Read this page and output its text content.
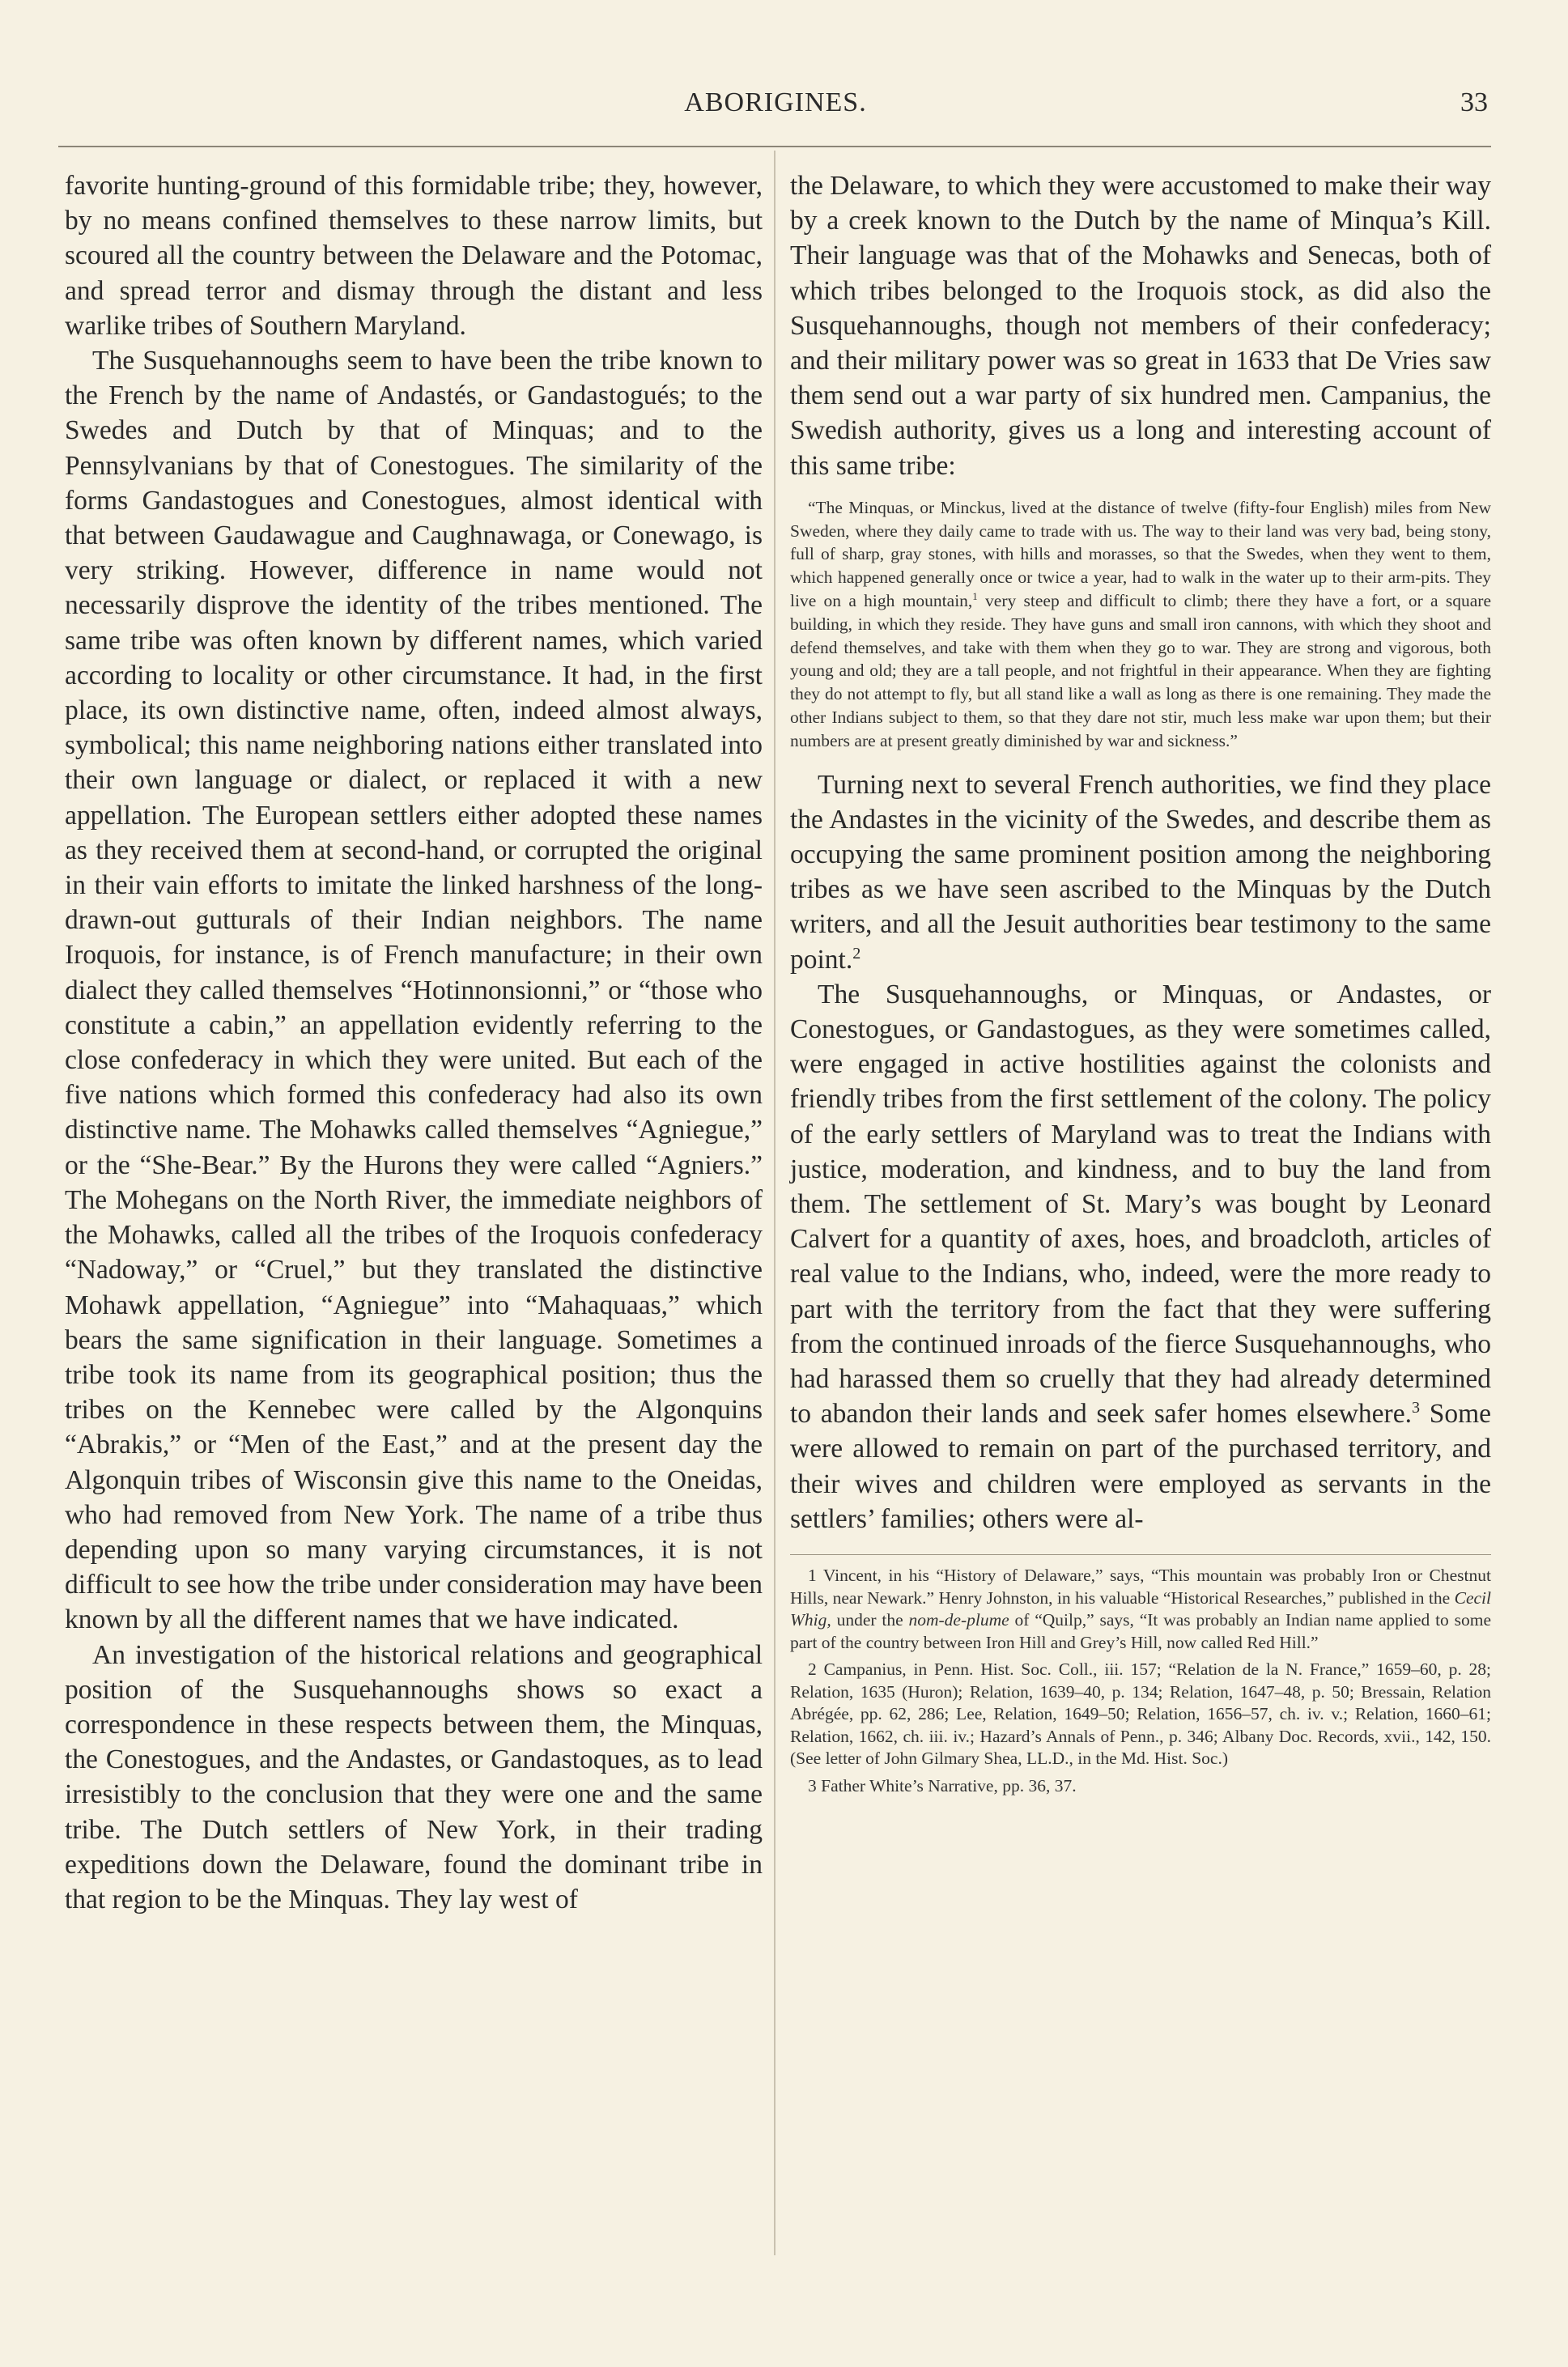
ABORIGINES.	33

favorite hunting-ground of this formidable tribe; they, however, by no means confined themselves to these narrow limits, but scoured all the country between the Delaware and the Potomac, and spread terror and dismay through the distant and less warlike tribes of Southern Maryland.

The Susquehannoughs seem to have been the tribe known to the French by the name of Andastés, or Gandastogués; to the Swedes and Dutch by that of Minquas; and to the Pennsylvanians by that of Conestogues. The similarity of the forms Gandastogues and Conestogues, almost identical with that between Gaudawague and Caughnawaga, or Conewago, is very striking. However, difference in name would not necessarily disprove the identity of the tribes mentioned. The same tribe was often known by different names, which varied according to locality or other circumstance. It had, in the first place, its own distinctive name, often, indeed almost always, symbolical; this name neighboring nations either translated into their own language or dialect, or replaced it with a new appellation. The European settlers either adopted these names as they received them at second-hand, or corrupted the original in their vain efforts to imitate the linked harshness of the long-drawn-out gutturals of their Indian neighbors. The name Iroquois, for instance, is of French manufacture; in their own dialect they called themselves “Hotinnonsionni,” or “those who constitute a cabin,” an appellation evidently referring to the close confederacy in which they were united. But each of the five nations which formed this confederacy had also its own distinctive name. The Mohawks called themselves “Agniegue,” or the “She-Bear.” By the Hurons they were called “Agniers.” The Mohegans on the North River, the immediate neighbors of the Mohawks, called all the tribes of the Iroquois confederacy “Nadoway,” or “Cruel,” but they translated the distinctive Mohawk appellation, “Agniegue” into “Mahaquaas,” which bears the same signification in their language. Sometimes a tribe took its name from its geographical position; thus the tribes on the Kennebec were called by the Algonquins “Abrakis,” or “Men of the East,” and at the present day the Algonquin tribes of Wisconsin give this name to the Oneidas, who had removed from New York. The name of a tribe thus depending upon so many varying circumstances, it is not difficult to see how the tribe under consideration may have been known by all the different names that we have indicated.

An investigation of the historical relations and geographical position of the Susquehannoughs shows so exact a correspondence in these respects between them, the Minquas, the Conestogues, and the Andastes, or Gandastoques, as to lead irresistibly to the conclusion that they were one and the same tribe. The Dutch settlers of New York, in their trading expeditions down the Delaware, found the dominant tribe in that region to be the Minquas. They lay west of

the Delaware, to which they were accustomed to make their way by a creek known to the Dutch by the name of Minqua’s Kill. Their language was that of the Mohawks and Senecas, both of which tribes belonged to the Iroquois stock, as did also the Susquehannoughs, though not members of their confederacy; and their military power was so great in 1633 that De Vries saw them send out a war party of six hundred men. Campanius, the Swedish authority, gives us a long and interesting account of this same tribe:

“The Minquas, or Minckus, lived at the distance of twelve (fifty-four English) miles from New Sweden, where they daily came to trade with us. The way to their land was very bad, being stony, full of sharp, gray stones, with hills and morasses, so that the Swedes, when they went to them, which happened generally once or twice a year, had to walk in the water up to their arm-pits. They live on a high mountain,$^1$ very steep and difficult to climb; there they have a fort, or a square building, in which they reside. They have guns and small iron cannons, with which they shoot and defend themselves, and take with them when they go to war. They are strong and vigorous, both young and old; they are a tall people, and not frightful in their appearance. When they are fighting they do not attempt to fly, but all stand like a wall as long as there is one remaining. They made the other Indians subject to them, so that they dare not stir, much less make war upon them; but their numbers are at present greatly diminished by war and sickness.”

Turning next to several French authorities, we find they place the Andastes in the vicinity of the Swedes, and describe them as occupying the same prominent position among the neighboring tribes as we have seen ascribed to the Minquas by the Dutch writers, and all the Jesuit authorities bear testimony to the same point.$^2$

The Susquehannoughs, or Minquas, or Andastes, or Conestogues, or Gandastogues, as they were sometimes called, were engaged in active hostilities against the colonists and friendly tribes from the first settlement of the colony. The policy of the early settlers of Maryland was to treat the Indians with justice, moderation, and kindness, and to buy the land from them. The settlement of St. Mary’s was bought by Leonard Calvert for a quantity of axes, hoes, and broadcloth, articles of real value to the Indians, who, indeed, were the more ready to part with the territory from the fact that they were suffering from the continued inroads of the fierce Susquehannoughs, who had harassed them so cruelly that they had already determined to abandon their lands and seek safer homes elsewhere.$^3$ Some were allowed to remain on part of the purchased territory, and their wives and children were employed as servants in the settlers’ families; others were al-

1 Vincent, in his “History of Delaware,” says, “This mountain was probably Iron or Chestnut Hills, near Newark.” Henry Johnston, in his valuable “Historical Researches,” published in the Cecil Whig, under the nom-de-plume of “Quilp,” says, “It was probably an Indian name applied to some part of the country between Iron Hill and Grey’s Hill, now called Red Hill.”

2 Campanius, in Penn. Hist. Soc. Coll., iii. 157; “Relation de la N. France,” 1659–60, p. 28; Relation, 1635 (Huron); Relation, 1639–40, p. 134; Relation, 1647–48, p. 50; Bressain, Relation Abrégée, pp. 62, 286; Lee, Relation, 1649–50; Relation, 1656–57, ch. iv. v.; Relation, 1660–61; Relation, 1662, ch. iii. iv.; Hazard’s Annals of Penn., p. 346; Albany Doc. Records, xvii., 142, 150. (See letter of John Gilmary Shea, LL.D., in the Md. Hist. Soc.)

3 Father White’s Narrative, pp. 36, 37.
